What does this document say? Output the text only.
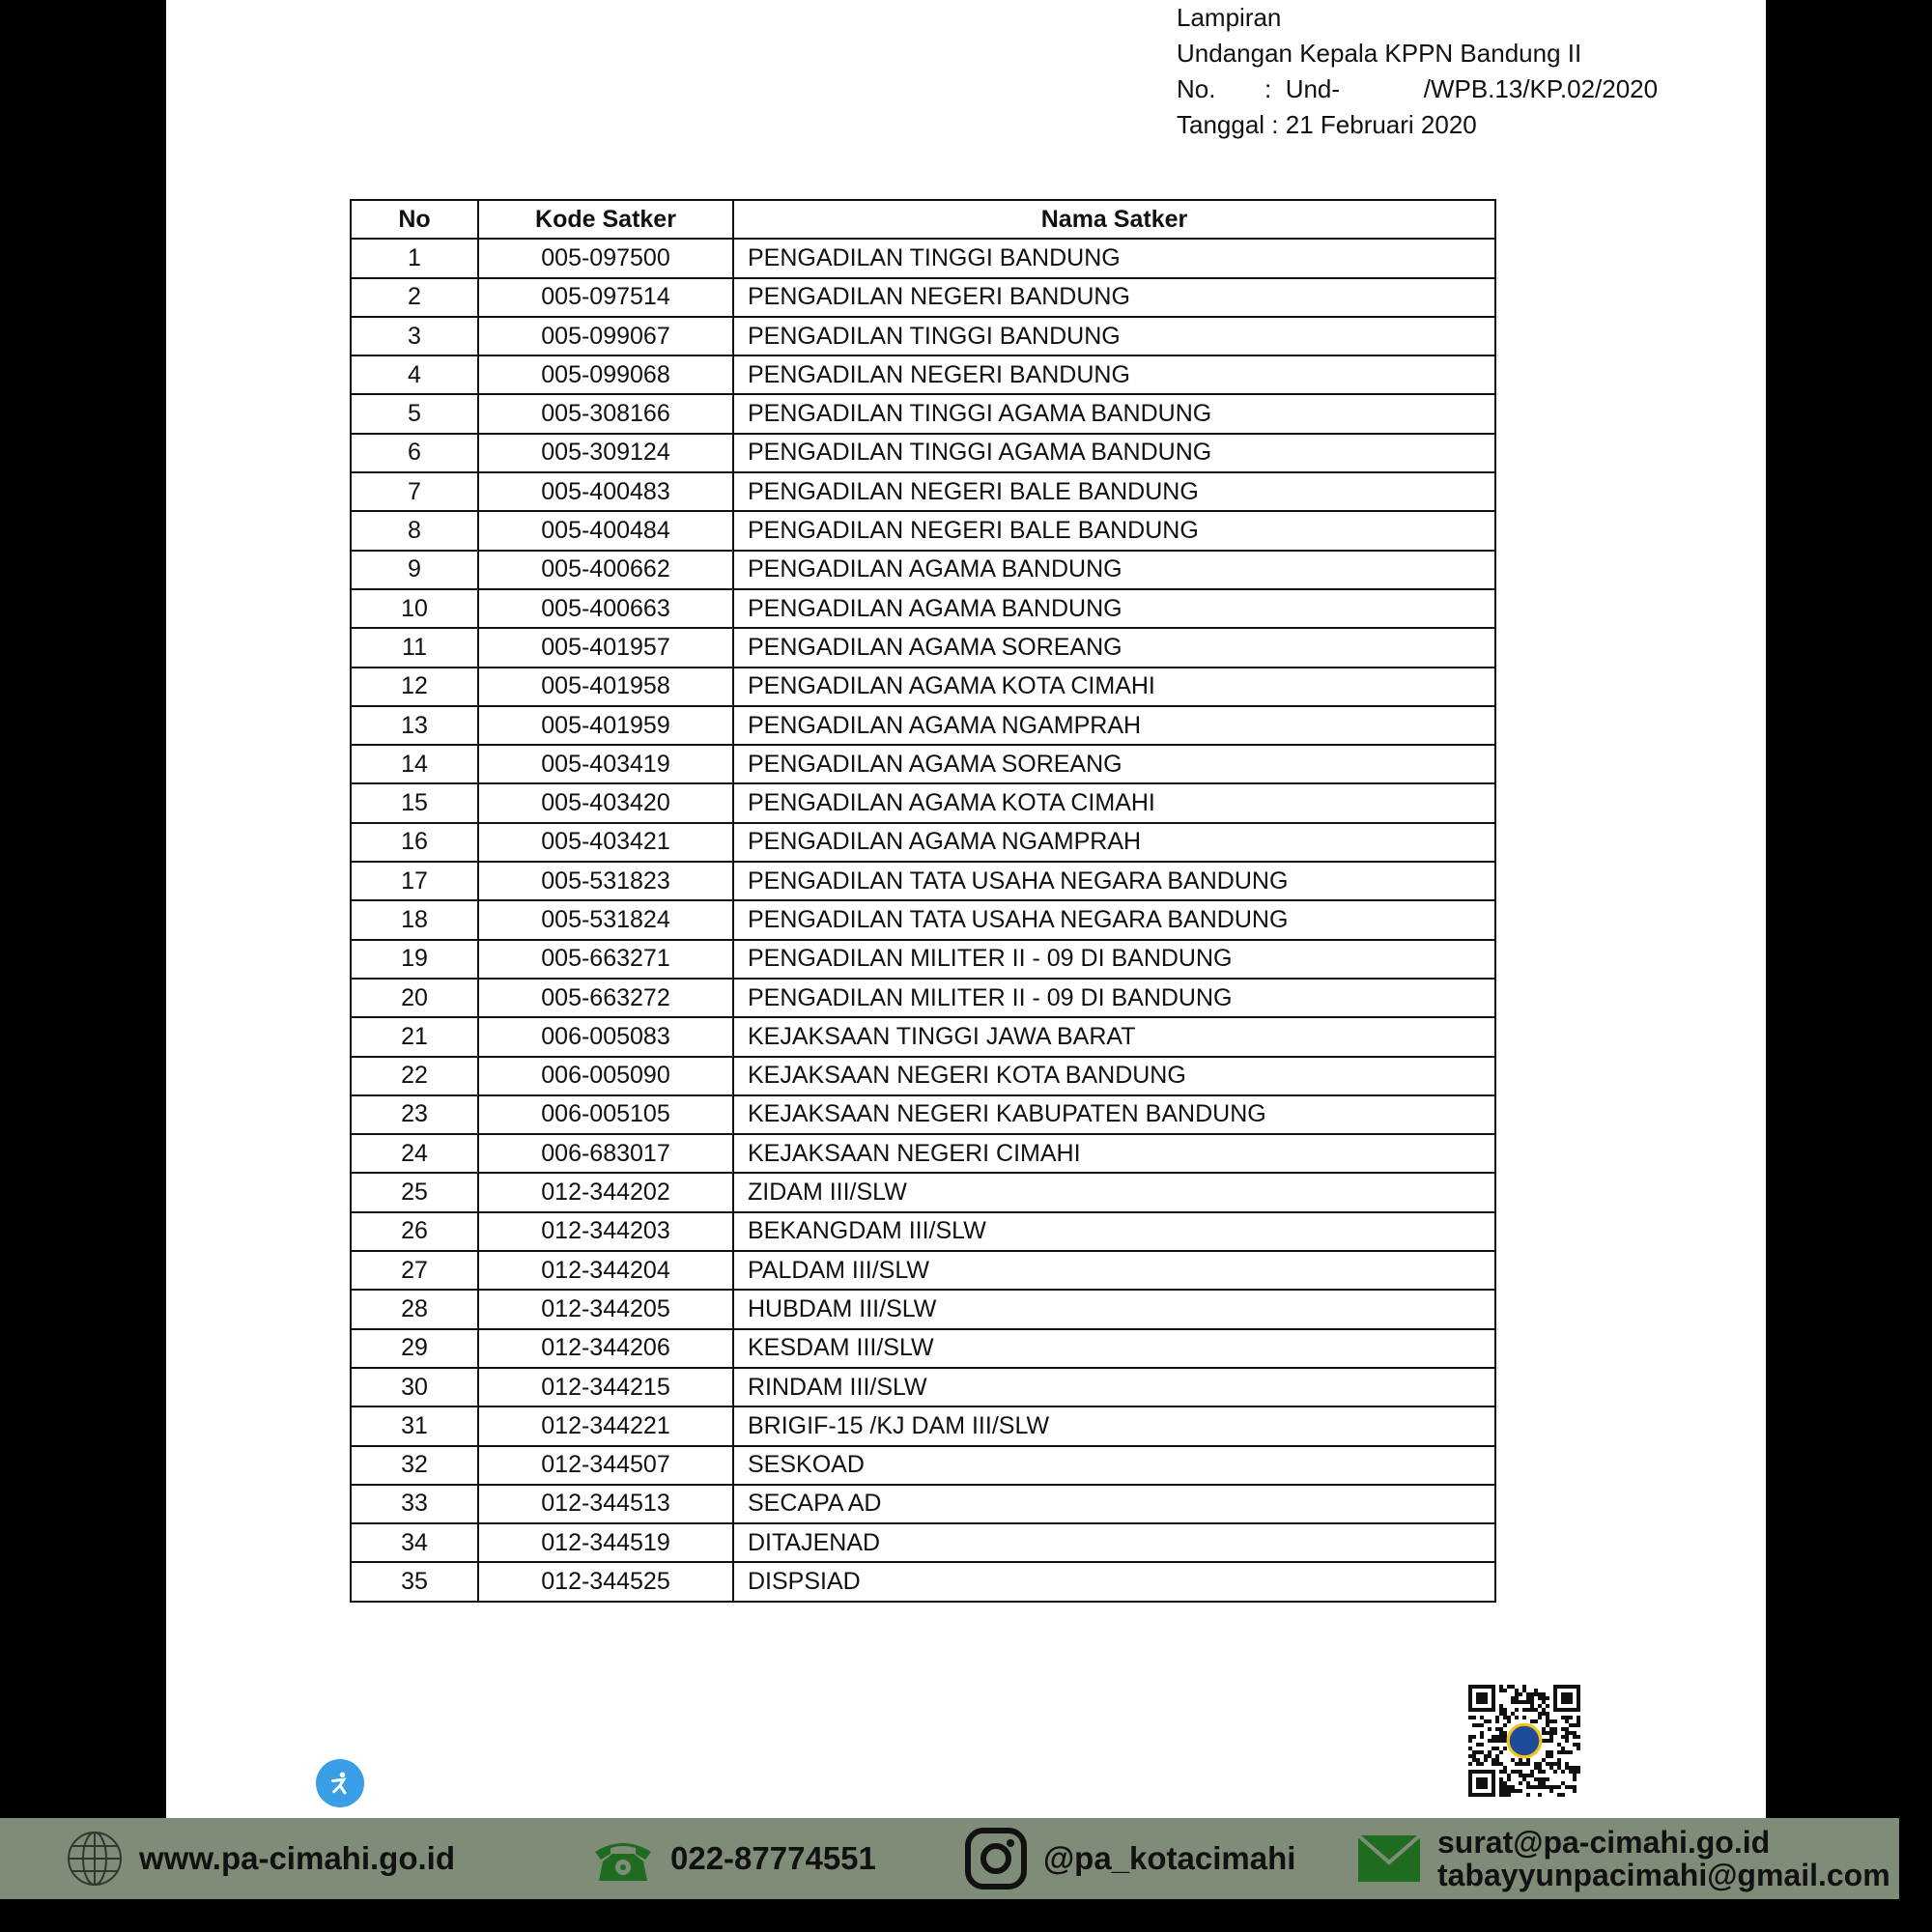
Lampiran
Undangan Kepala KPPN Bandung II
No.       :  Und-            /WPB.13/KP.02/2020
Tanggal : 21 Februari 2020
No	Kode Satker	Nama Satker
1	005-097500	PENGADILAN TINGGI BANDUNG
2	005-097514	PENGADILAN NEGERI BANDUNG
3	005-099067	PENGADILAN TINGGI BANDUNG
4	005-099068	PENGADILAN NEGERI BANDUNG
5	005-308166	PENGADILAN TINGGI AGAMA BANDUNG
6	005-309124	PENGADILAN TINGGI AGAMA BANDUNG
7	005-400483	PENGADILAN NEGERI BALE BANDUNG
8	005-400484	PENGADILAN NEGERI BALE BANDUNG
9	005-400662	PENGADILAN AGAMA BANDUNG
10	005-400663	PENGADILAN AGAMA BANDUNG
11	005-401957	PENGADILAN AGAMA SOREANG
12	005-401958	PENGADILAN AGAMA KOTA CIMAHI
13	005-401959	PENGADILAN AGAMA NGAMPRAH
14	005-403419	PENGADILAN AGAMA SOREANG
15	005-403420	PENGADILAN AGAMA KOTA CIMAHI
16	005-403421	PENGADILAN AGAMA NGAMPRAH
17	005-531823	PENGADILAN TATA USAHA NEGARA BANDUNG
18	005-531824	PENGADILAN TATA USAHA NEGARA BANDUNG
19	005-663271	PENGADILAN MILITER II - 09 DI BANDUNG
20	005-663272	PENGADILAN MILITER II - 09 DI BANDUNG
21	006-005083	KEJAKSAAN TINGGI JAWA BARAT
22	006-005090	KEJAKSAAN NEGERI KOTA BANDUNG
23	006-005105	KEJAKSAAN NEGERI KABUPATEN BANDUNG
24	006-683017	KEJAKSAAN NEGERI CIMAHI
25	012-344202	ZIDAM III/SLW
26	012-344203	BEKANGDAM III/SLW
27	012-344204	PALDAM III/SLW
28	012-344205	HUBDAM III/SLW
29	012-344206	KESDAM III/SLW
30	012-344215	RINDAM III/SLW
31	012-344221	BRIGIF-15 /KJ DAM III/SLW
32	012-344507	SESKOAD
33	012-344513	SECAPA AD
34	012-344519	DITAJENAD
35	012-344525	DISPSIAD
www.pa-cimahi.go.id	022-87774551	@pa_kotacimahi	surat@pa-cimahi.go.id
tabayyunpacimahi@gmail.com
